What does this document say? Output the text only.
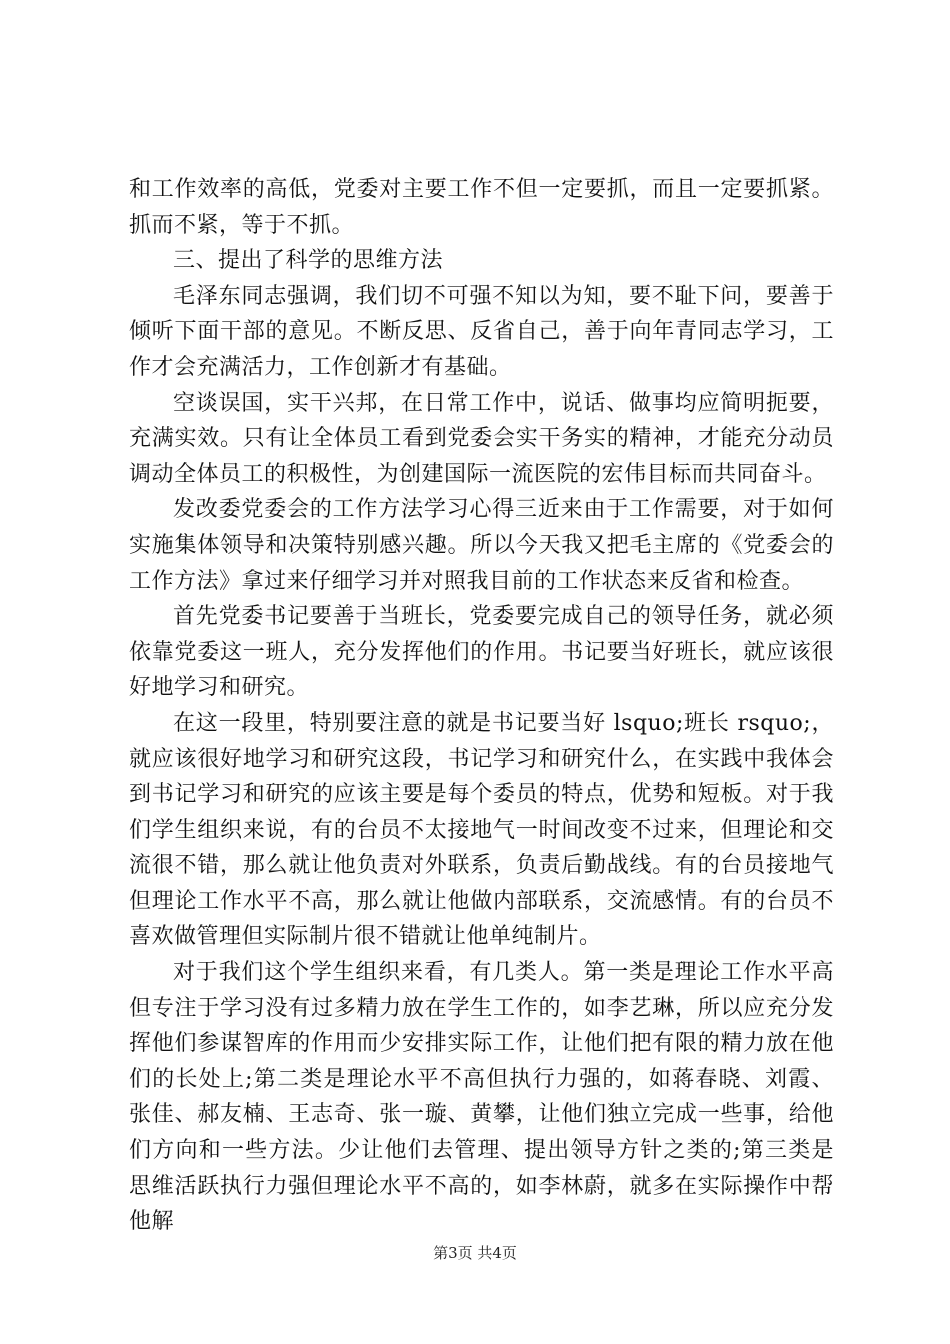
和工作效率的高低，党委对主要工作不但一定要抓，而且一定要抓紧。抓而不紧，等于不抓。

三、提出了科学的思维方法

毛泽东同志强调，我们切不可强不知以为知，要不耻下问，要善于倾听下面干部的意见。不断反思、反省自己，善于向年青同志学习，工作才会充满活力，工作创新才有基础。

空谈误国，实干兴邦，在日常工作中，说话、做事均应简明扼要，充满实效。只有让全体员工看到党委会实干务实的精神，才能充分动员调动全体员工的积极性，为创建国际一流医院的宏伟目标而共同奋斗。

发改委党委会的工作方法学习心得三近来由于工作需要，对于如何实施集体领导和决策特别感兴趣。所以今天我又把毛主席的《党委会的工作方法》拿过来仔细学习并对照我目前的工作状态来反省和检查。

首先党委书记要善于当班长，党委要完成自己的领导任务，就必须依靠党委这一班人，充分发挥他们的作用。书记要当好班长，就应该很好地学习和研究。

在这一段里，特别要注意的就是书记要当好 lsquo;班长 rsquo;，就应该很好地学习和研究这段，书记学习和研究什么，在实践中我体会到书记学习和研究的应该主要是每个委员的特点，优势和短板。对于我们学生组织来说，有的台员不太接地气一时间改变不过来，但理论和交流很不错，那么就让他负责对外联系，负责后勤战线。有的台员接地气但理论工作水平不高，那么就让他做内部联系，交流感情。有的台员不喜欢做管理但实际制片很不错就让他单纯制片。

对于我们这个学生组织来看，有几类人。第一类是理论工作水平高但专注于学习没有过多精力放在学生工作的，如李艺琳，所以应充分发挥他们参谋智库的作用而少安排实际工作，让他们把有限的精力放在他们的长处上;第二类是理论水平不高但执行力强的，如蒋春晓、刘霞、张佳、郝友楠、王志奇、张一璇、黄攀，让他们独立完成一些事，给他们方向和一些方法。少让他们去管理、提出领导方针之类的;第三类是思维活跃执行力强但理论水平不高的，如李林蔚，就多在实际操作中帮他解

第3页 共4页
